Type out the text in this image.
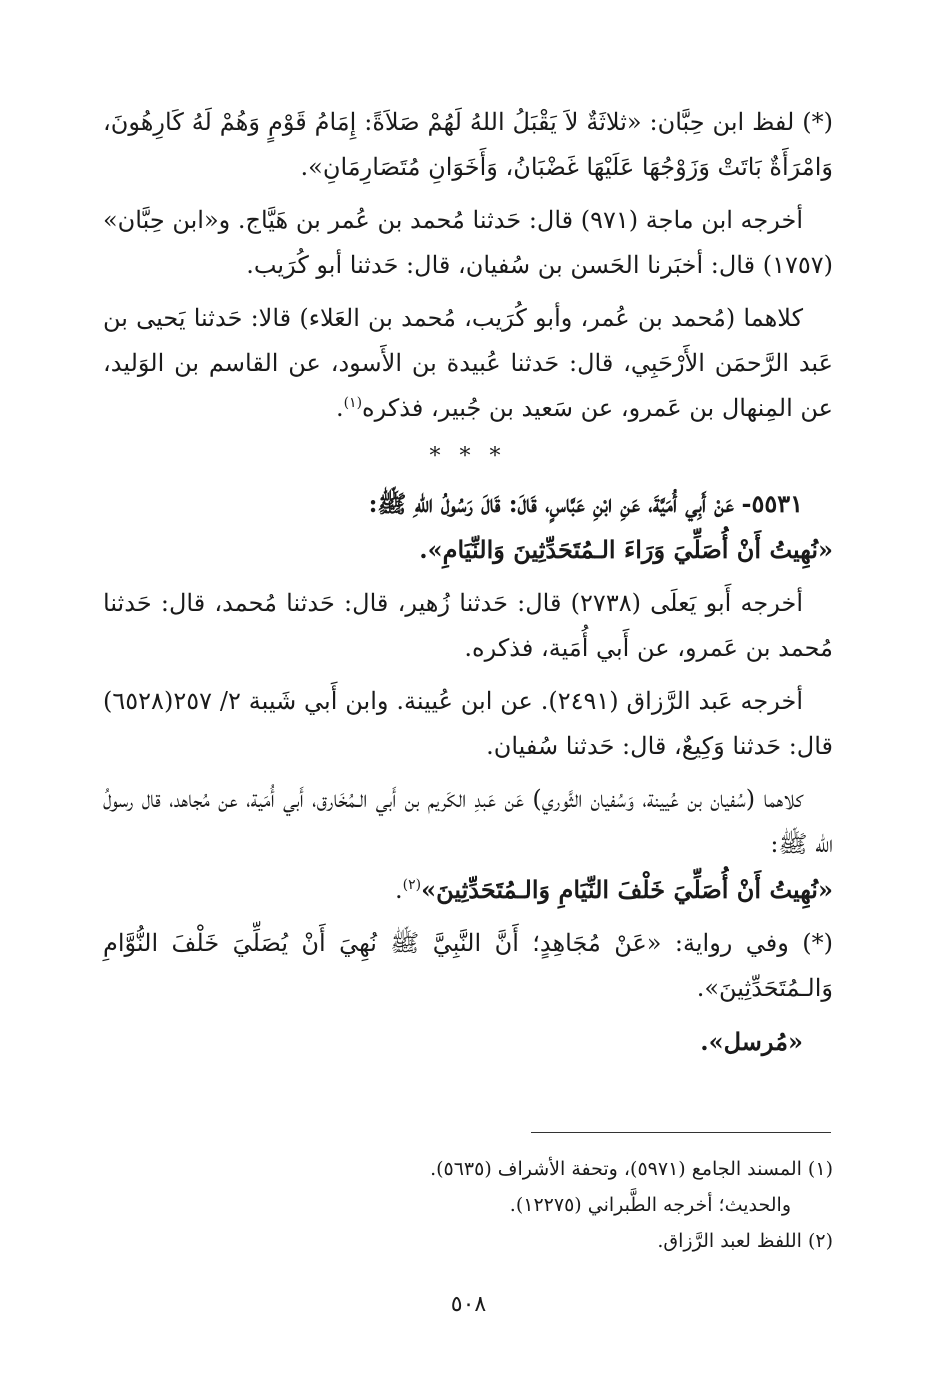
(*) لفظ ابن حِبَّان: «ثلاثَةٌ لاَ يَقْبَلُ اللهُ لَهُمْ صَلاَةً: إِمَامُ قَوْمٍ وَهُمْ لَهُ كَارِهُونَ، وَامْرَأَةٌ بَاتَتْ وَزَوْجُهَا عَلَيْهَا غَضْبَانُ، وَأَخَوَانِ مُتَصَارِمَانِ».

أخرجه ابن ماجة (٩٧١) قال: حَدثنا مُحمد بن عُمر بن هَيَّاج. و«ابن حِبَّان» (١٧٥٧) قال: أخبَرنا الحَسن بن سُفيان، قال: حَدثنا أبو كُرَيب.

كلاهما (مُحمد بن عُمر، وأبو كُرَيب، مُحمد بن العَلاء) قالا: حَدثنا يَحيى بن عَبد الرَّحمَن الأَرْحَبِي، قال: حَدثنا عُبيدة بن الأَسود، عن القاسم بن الوَليد، عن المِنهال بن عَمرو، عن سَعيد بن جُبير، فذكره$^{(١)}$.

* * *

٥٥٣١- عَنْ أَبِي أُمَيَّةَ، عَنِ ابْنِ عَبَّاسٍ، قَالَ: قَالَ رَسُولُ اللهِ ﷺ:
«نُهِيتُ أَنْ أُصَلِّيَ وَرَاءَ الـمُتَحَدِّثِينَ وَالنِّيَامِ».

أخرجه أَبو يَعلَى (٢٧٣٨) قال: حَدثنا زُهير، قال: حَدثنا مُحمد، قال: حَدثنا مُحمد بن عَمرو، عن أَبي أُمَية، فذكره.

أخرجه عَبد الرَّزاق (٢٤٩١). عن ابن عُيينة. وابن أَبي شَيبة ٢/ ٢٥٧(٦٥٢٨) قال: حَدثنا وَكِيعٌ، قال: حَدثنا سُفيان.

كلاهما (سُفيان بن عُيينة، وَسُفيان الثَّوري) عَن عَبدِ الكَريم بن أَبي الـمُخَارق، أَبي أُمَية، عن مُجاهد، قال رسولُ الله ﷺ:
«نُهِيتُ أَنْ أُصَلِّيَ خَلْفَ النِّيَامِ وَالـمُتَحَدِّثِينَ»$^{(٢)}$.

(*) وفي رواية: «عَنْ مُجَاهِدٍ؛ أَنَّ النَّبِيَّ ﷺ نُهِيَ أَنْ يُصَلِّيَ خَلْفَ النُّوَّامِ وَالـمُتَحَدِّثِينَ».

«مُرسل».

(١) المسند الجامع (٥٩٧١)، وتحفة الأشراف (٥٦٣٥).
والحديث؛ أخرجه الطَّبراني (١٢٢٧٥).
(٢) اللفظ لعبد الرَّزاق.
٥٠٨
